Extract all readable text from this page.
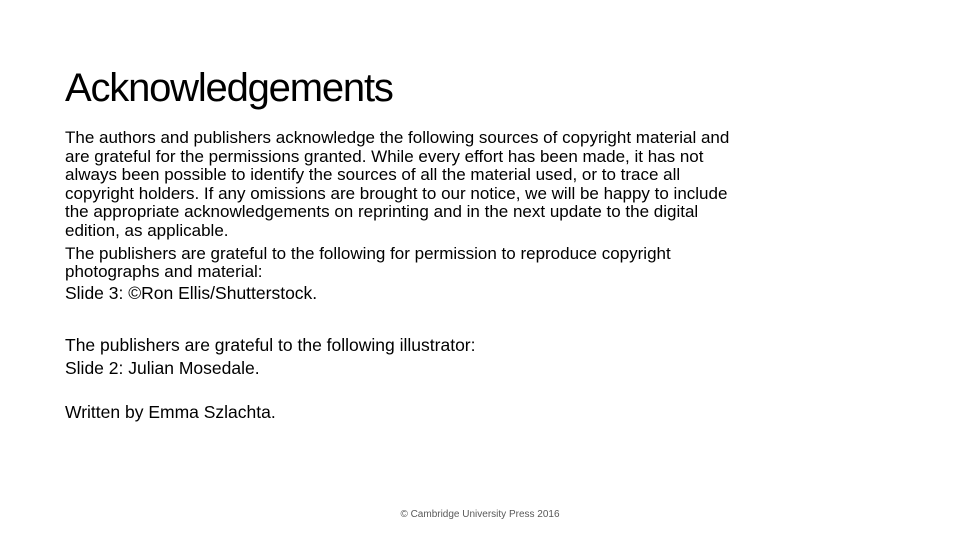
Acknowledgements

The authors and publishers acknowledge the following sources of copyright material and

are grateful for the permissions granted. While every effort has been made, it has not

always been possible to identify the sources of all the material used, or to trace all

copyright holders. If any omissions are brought to our notice, we will be happy to include

the appropriate acknowledgements on reprinting and in the next update to the digital

edition, as applicable.

The publishers are grateful to the following for permission to reproduce copyright

photographs and material:

Slide 3: ©Ron Ellis/Shutterstock.

The publishers are grateful to the following illustrator:

Slide 2: Julian Mosedale.

Written by Emma Szlachta.

© Cambridge University Press 2016
